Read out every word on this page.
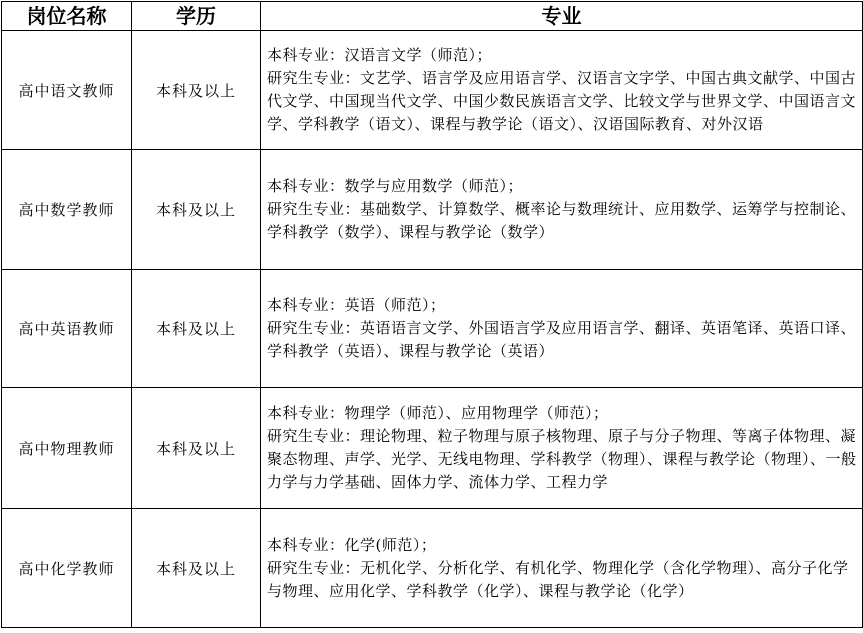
岗位名称	学历	专业
高中语文教师	本科及以上	本科专业：汉语言文学（师范）；
研究生专业：文艺学、语言学及应用语言学、汉语言文字学、中国古典文献学、中国古代文学、中国现当代文学、中国少数民族语言文学、比较文学与世界文学、中国语言文学、学科教学（语文）、课程与教学论（语文）、汉语国际教育、对外汉语

高中数学教师	本科及以上	本科专业：数学与应用数学（师范）；
研究生专业：基础数学、计算数学、概率论与数理统计、应用数学、运筹学与控制论、学科教学（数学）、课程与教学论（数学）

高中英语教师	本科及以上	本科专业：英语（师范）；
研究生专业：英语语言文学、外国语言学及应用语言学、翻译、英语笔译、英语口译、学科教学（英语）、课程与教学论（英语）

高中物理教师	本科及以上	本科专业：物理学（师范）、应用物理学（师范）；
研究生专业：理论物理、粒子物理与原子核物理、原子与分子物理、等离子体物理、凝聚态物理、声学、光学、无线电物理、学科教学（物理）、课程与教学论（物理）、一般力学与力学基础、固体力学、流体力学、工程力学

高中化学教师	本科及以上	本科专业：化学(师范）；
研究生专业：无机化学、分析化学、有机化学、物理化学（含化学物理）、高分子化学与物理、应用化学、学科教学（化学）、课程与教学论（化学）
